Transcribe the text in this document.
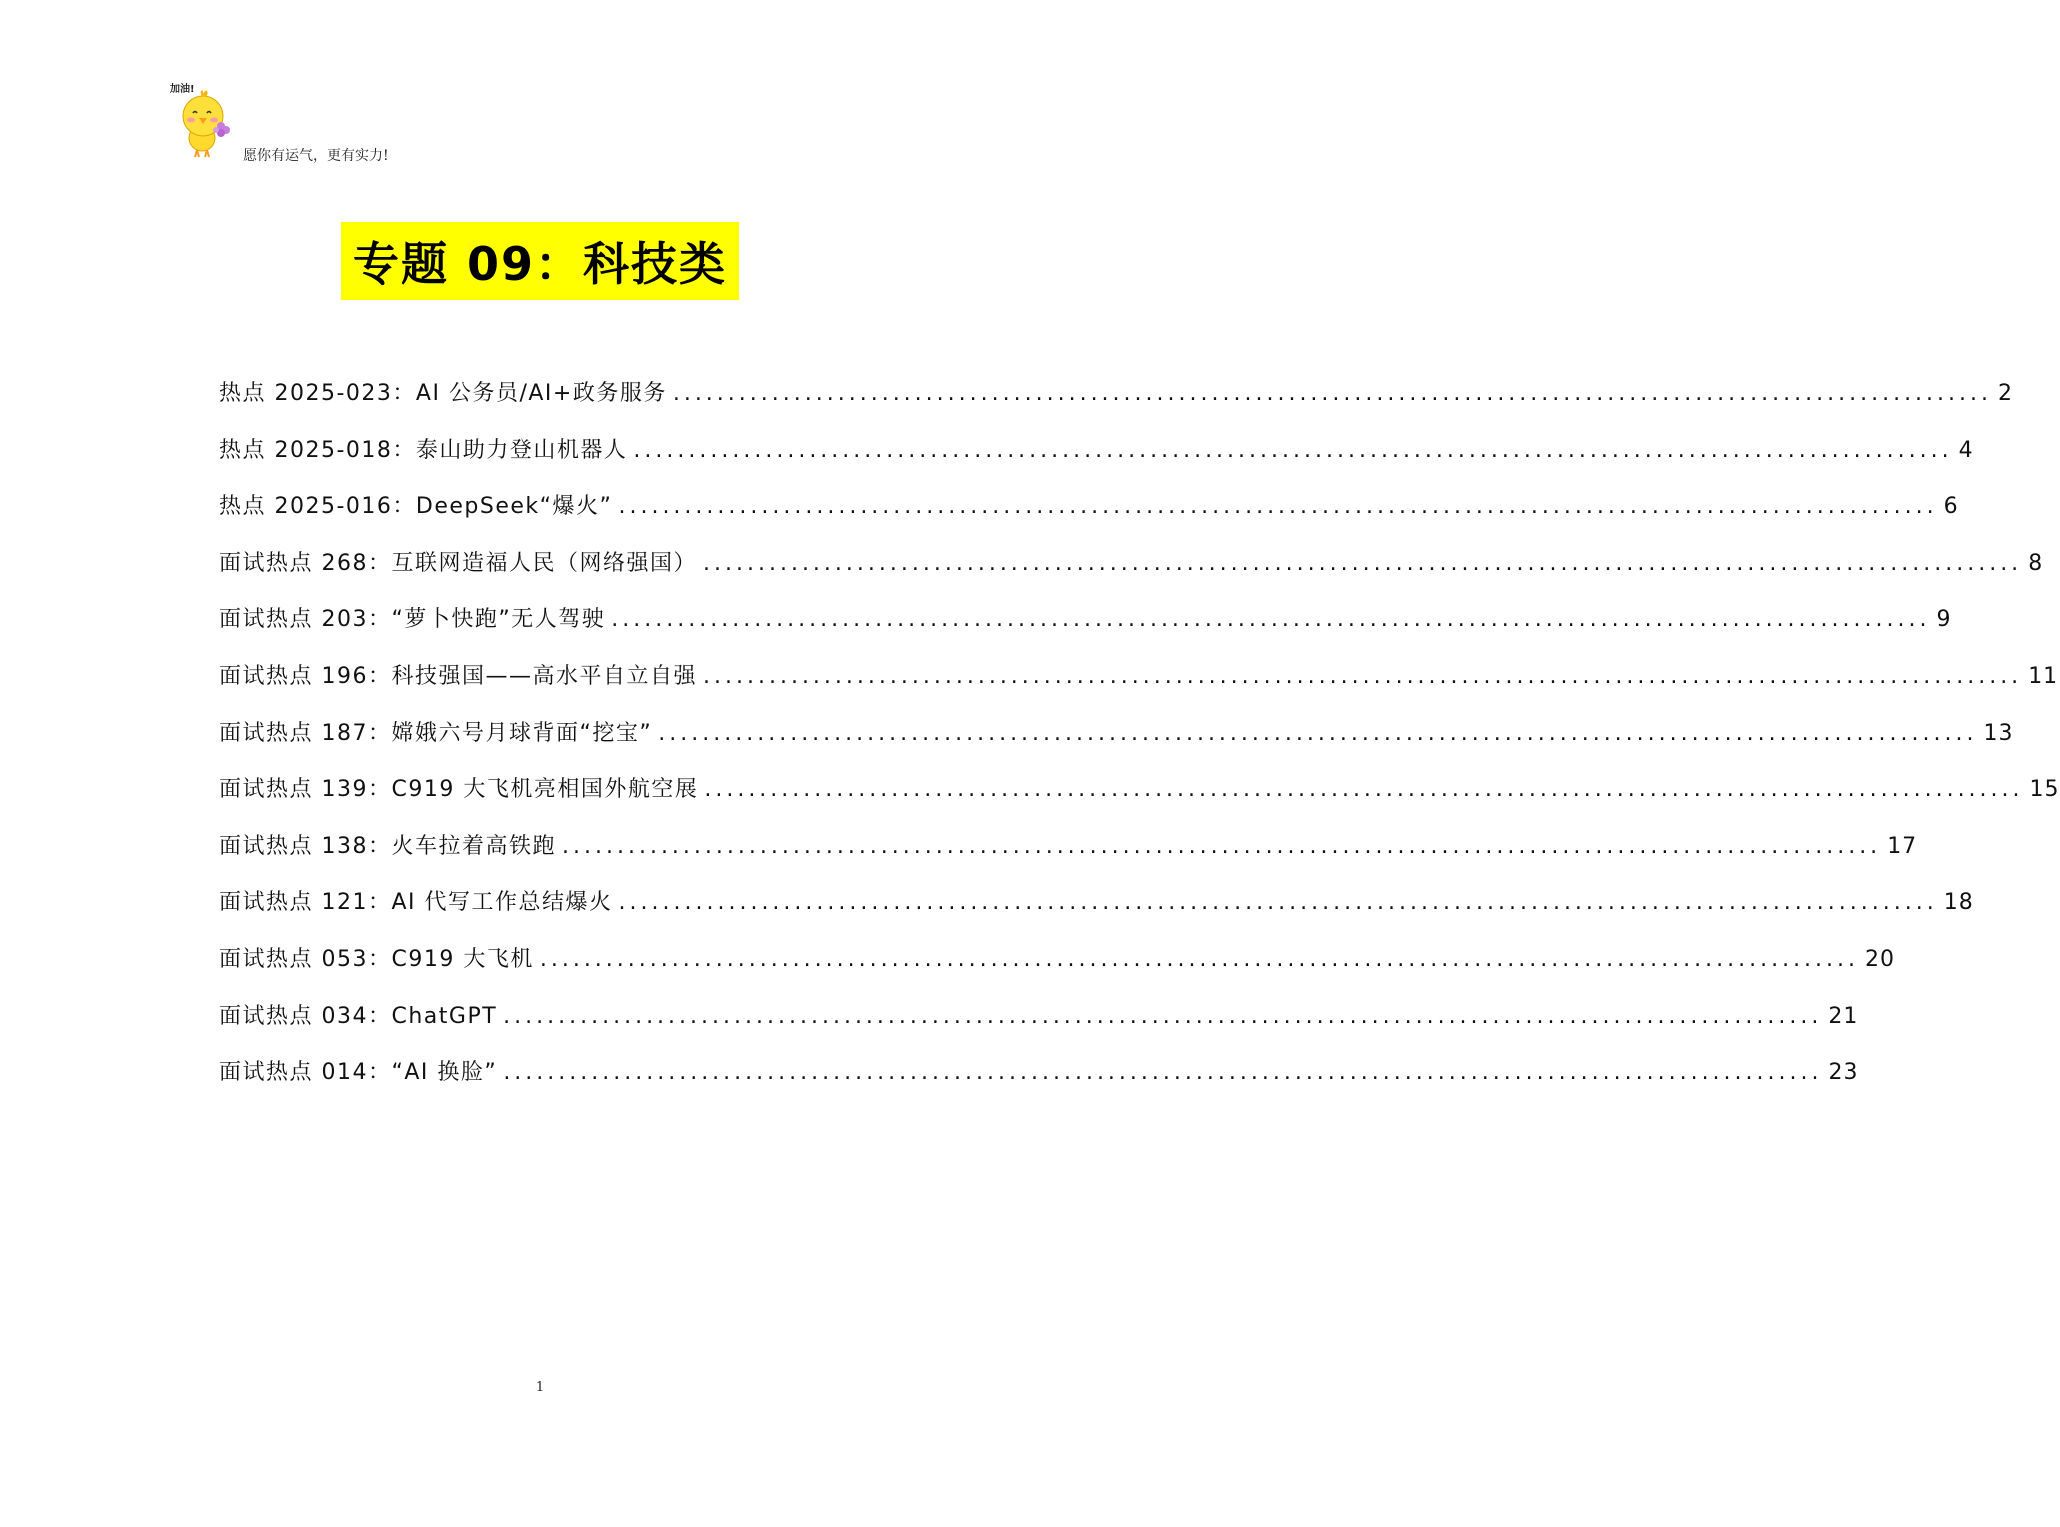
加油!
愿你有运气，更有实力!
专题 09：科技类
热点 2025-023：AI 公务员/AI+政务服务 ........................................................................................................................ 2
热点 2025-018：泰山助力登山机器人 ........................................................................................................................ 4
热点 2025-016：DeepSeek“爆火” ........................................................................................................................ 6
面试热点 268：互联网造福人民（网络强国） ........................................................................................................................ 8
面试热点 203：“萝卜快跑”无人驾驶 ........................................................................................................................ 9
面试热点 196：科技强国——高水平自立自强 ........................................................................................................................ 11
面试热点 187：嫦娥六号月球背面“挖宝” ........................................................................................................................ 13
面试热点 139：C919 大飞机亮相国外航空展 ........................................................................................................................ 15
面试热点 138：火车拉着高铁跑 ........................................................................................................................ 17
面试热点 121：AI 代写工作总结爆火 ........................................................................................................................ 18
面试热点 053：C919 大飞机 ........................................................................................................................ 20
面试热点 034：ChatGPT ........................................................................................................................ 21
面试热点 014：“AI 换脸” ........................................................................................................................ 23
1
